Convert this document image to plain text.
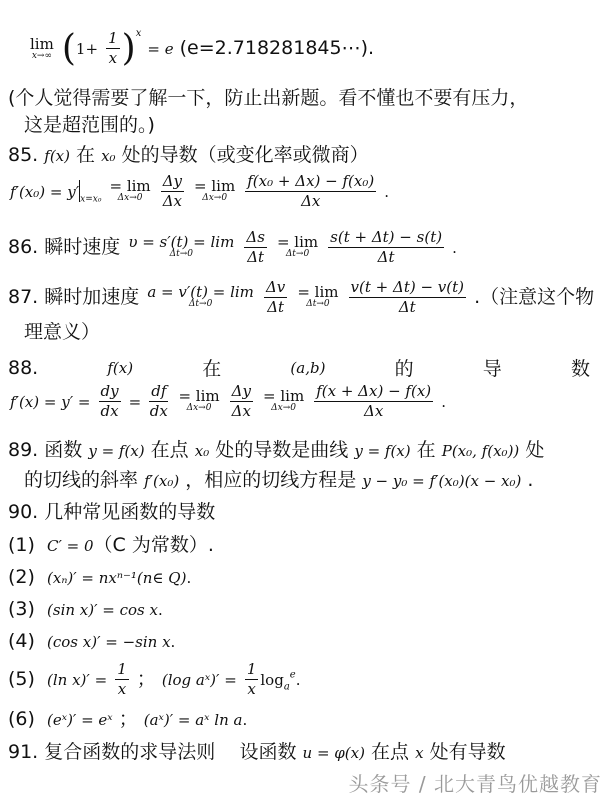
lim
x→∞ $(1+ \frac{1}{x} )^x = e$ (e=2.718281845⋯).
(个人觉得需要了解一下，防止出新题。看不懂也不要有压力，
这是超范围的。)
85. f(x) 在 x₀ 处的导数（或变化率或微商）
$f'(x_0) = y'_{x=x_0}$
= lim
Δx→0
	$\frac{\Delta y}{\Delta x}$
= lim
Δx→0
	$\frac{\text{f(x₀ + Δx) − f(x₀)}}{\Delta x}$ .
86. 瞬时速度 υ = s′(t) = lim
Δt→0
	$\frac{\Delta s}{\Delta t}$
= lim
Δt→0
	$\frac{s(t + \Delta t) - s(t)}{\Delta t}$ .
87. 瞬时加速度 a = v′(t) = lim
Δt→0
	$\frac{\Delta v}{\Delta t}$
= lim
Δt→0
	$\frac{v(t + \Delta t) - v(t)}{\Delta t}$ .（注意这个物
理意义）
88.	f(x)	在	(a,b)	的	导	数
$f'(x) = y' = \frac{dy}{dx} = \frac{df}{dx}$
= lim
Δx→0
	$\frac{\Delta y}{\Delta x}$
= lim
Δx→0
	$\frac{f(x + \Delta x) - f(x)}{\Delta x}$ .
89. 函数 y = f(x) 在点 x₀ 处的导数是曲线 y = f(x) 在 P(x₀, f(x₀)) 处
的切线的斜率 f′(x₀) ，相应的切线方程是 y − y₀ = f′(x₀)(x − x₀) .
90. 几种常见函数的导数
(1) C′ = 0（C 为常数）.
(2) (xₙ)′ = nxⁿ⁻¹(n∈ Q).
(3) (sin x)′ = cos x.
(4) (cos x)′ = −sin x.
(5) (ln $x)' = \frac{1}{x}$ ； (log aˣ)′ = $\frac{1}{x} \log_a^e$.
(6) (eˣ)′ = eˣ ； (aˣ)′ = aˣ ln a.
91. 复合函数的求导法则 设函数 u = φ(x) 在点 x 处有导数
头条号 / 北大青鸟优越教育
